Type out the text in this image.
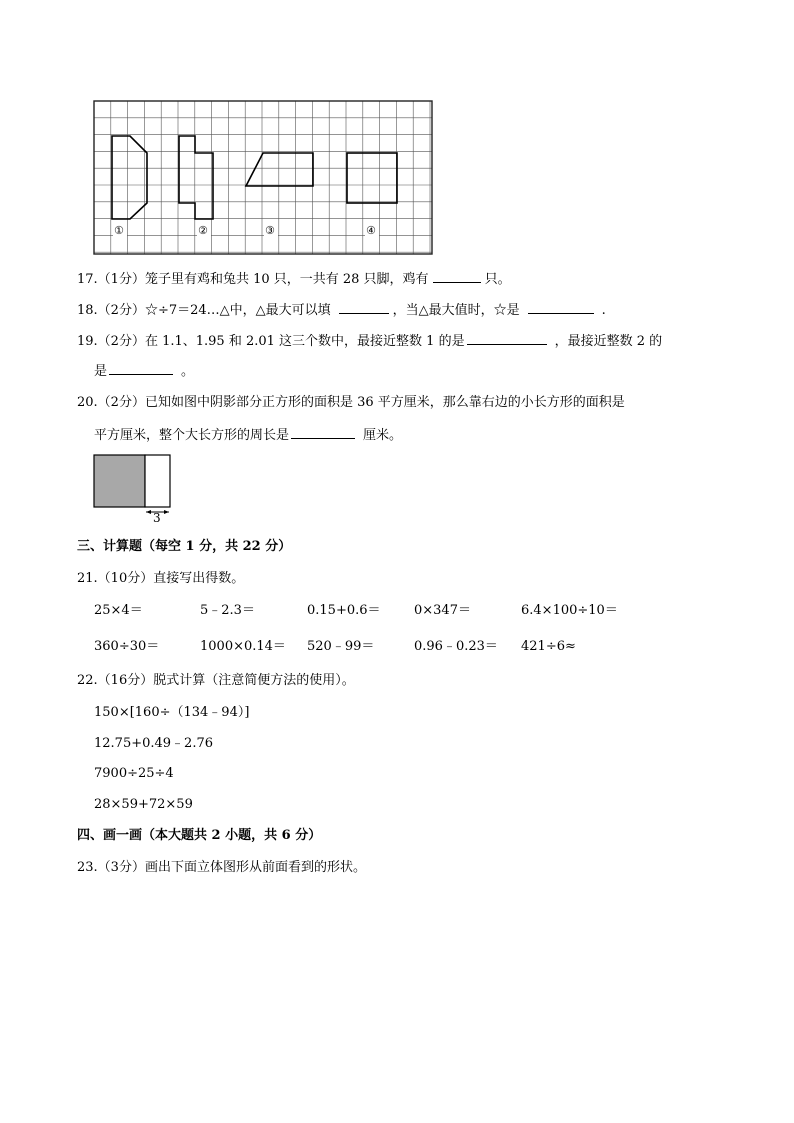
①	②	③	④
17.（1分）笼子里有鸡和兔共 10 只，一共有 28 只脚，鸡有	只。
18.（2分）☆÷7＝24…△中，△最大可以填	，当△最大值时，☆是	.
19.（2分）在 1.1、1.95 和 2.01 这三个数中，最接近整数 1 的是	，最接近整数 2 的
是	。
20.（2分）已知如图中阴影部分正方形的面积是 36 平方厘米，那么靠右边的小长方形的面积是
平方厘米，整个大长方形的周长是	厘米。
3
三、计算题（每空 1 分，共 22 分）
21.（10分）直接写出得数。
25×4＝	5﹣2.3＝	0.15+0.6＝	0×347＝	6.4×100÷10＝
360÷30＝	1000×0.14＝ 520﹣99＝	0.96﹣0.23＝ 421÷6≈
22.（16分）脱式计算（注意简便方法的使用）。
150×[160÷（134﹣94）]
12.75+0.49﹣2.76
7900÷25÷4
28×59+72×59
四、画一画（本大题共 2 小题，共 6 分）
23.（3分）画出下面立体图形从前面看到的形状。
